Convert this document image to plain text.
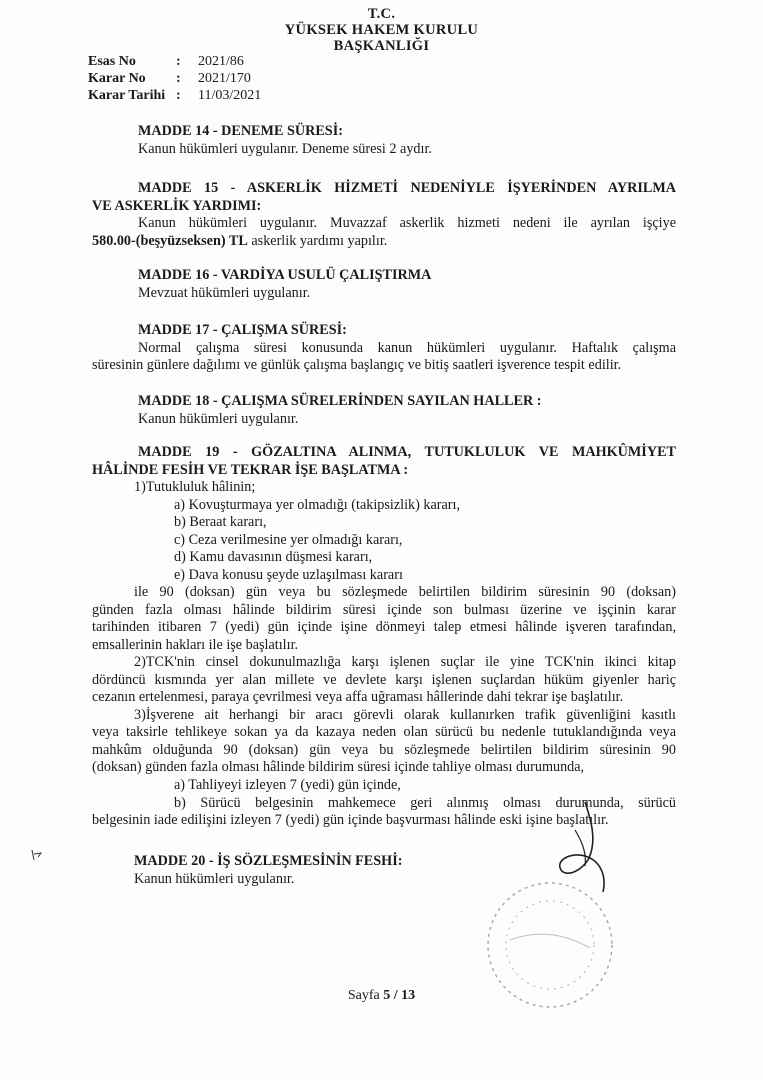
T.C.
YÜKSEK HAKEM KURULU
BAŞKANLIĞI
Esas No	: 2021/86
Karar No : 2021/170
Karar Tarihi : 11/03/2021
MADDE 14 - DENEME SÜRESİ:
Kanun hükümleri uygulanır. Deneme süresi 2 aydır.
MADDE 15 - ASKERLİK HİZMETİ NEDENİYLE İŞYERİNDEN AYRILMA
VE ASKERLİK YARDIMI:
Kanun hükümleri uygulanır. Muvazzaf askerlik hizmeti nedeni ile ayrılan işçiye
580.00-(beşyüzseksen) TL askerlik yardımı yapılır.
MADDE 16 - VARDİYA USULÜ ÇALIŞTIRMA
Mevzuat hükümleri uygulanır.
MADDE 17 - ÇALIŞMA SÜRESİ:
Normal çalışma süresi konusunda kanun hükümleri uygulanır. Haftalık çalışma
süresinin günlere dağılımı ve günlük çalışma başlangıç ve bitiş saatleri işverence tespit edilir.
MADDE 18 - ÇALIŞMA SÜRELERİNDEN SAYILAN HALLER :
Kanun hükümleri uygulanır.
MADDE 19 - GÖZALTINA ALINMA, TUTUKLULUK VE MAHKÛMİYET
HÂLİNDE FESİH VE TEKRAR İŞE BAŞLATMA :
1)Tutukluluk hâlinin;
a) Kovuşturmaya yer olmadığı (takipsizlik) kararı,
b) Beraat kararı,
c) Ceza verilmesine yer olmadığı kararı,
d) Kamu davasının düşmesi kararı,
e) Dava konusu şeyde uzlaşılması kararı
ile 90 (doksan) gün veya bu sözleşmede belirtilen bildirim süresinin 90 (doksan)
günden fazla olması hâlinde bildirim süresi içinde son bulması üzerine ve işçinin karar
tarihinden itibaren 7 (yedi) gün içinde işine dönmeyi talep etmesi hâlinde işveren tarafından,
emsallerinin hakları ile işe başlatılır.
2)TCK'nin cinsel dokunulmazlığa karşı işlenen suçlar ile yine TCK'nin ikinci kitap
dördüncü kısmında yer alan millete ve devlete karşı işlenen suçlardan hüküm giyenler hariç
cezanın ertelenmesi, paraya çevrilmesi veya affa uğraması hâllerinde dahi tekrar işe başlatılır.
3)İşverene ait herhangi bir aracı görevli olarak kullanırken trafik güvenliğini kasıtlı
veya taksirle tehlikeye sokan ya da kazaya neden olan sürücü bu nedenle tutuklandığında veya
mahkûm olduğunda 90 (doksan) gün veya bu sözleşmede belirtilen bildirim süresinin 90
(doksan) günden fazla olması hâlinde bildirim süresi içinde tahliye olması durumunda,
a) Tahliyeyi izleyen 7 (yedi) gün içinde,
b) Sürücü belgesinin mahkemece geri alınmış olması durumunda, sürücü
belgesinin iade edilişini izleyen 7 (yedi) gün içinde başvurması hâlinde eski işine başlatılır.
MADDE 20 - İŞ SÖZLEŞMESİNİN FESHİ:
Kanun hükümleri uygulanır.
Sayfa 5 / 13
